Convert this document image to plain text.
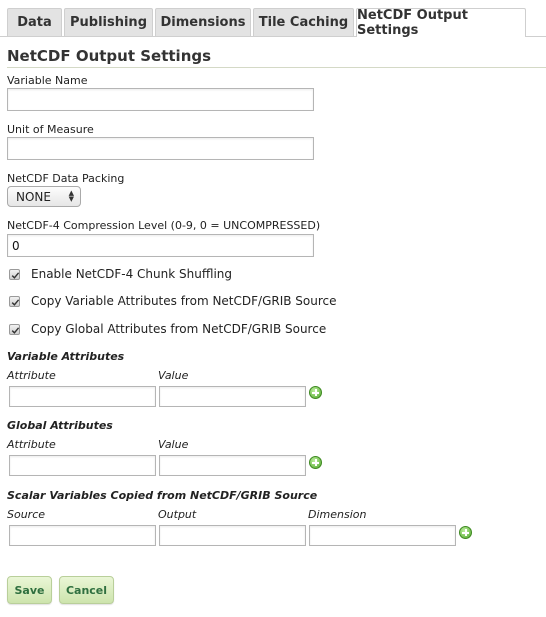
Data	Publishing	Dimensions	Tile Caching NetCDF Output Settings
NetCDF Output Settings
Variable Name
Unit of Measure
NetCDF Data Packing
NONE	▲
▼
NetCDF-4 Compression Level (0-9, 0 = UNCOMPRESSED)
0
Enable NetCDF-4 Chunk Shuffling
Copy Variable Attributes from NetCDF/GRIB Source
Copy Global Attributes from NetCDF/GRIB Source
Variable Attributes
Attribute	Value
Global Attributes
Attribute	Value
Scalar Variables Copied from NetCDF/GRIB Source
Source	Output	Dimension
Save	Cancel
